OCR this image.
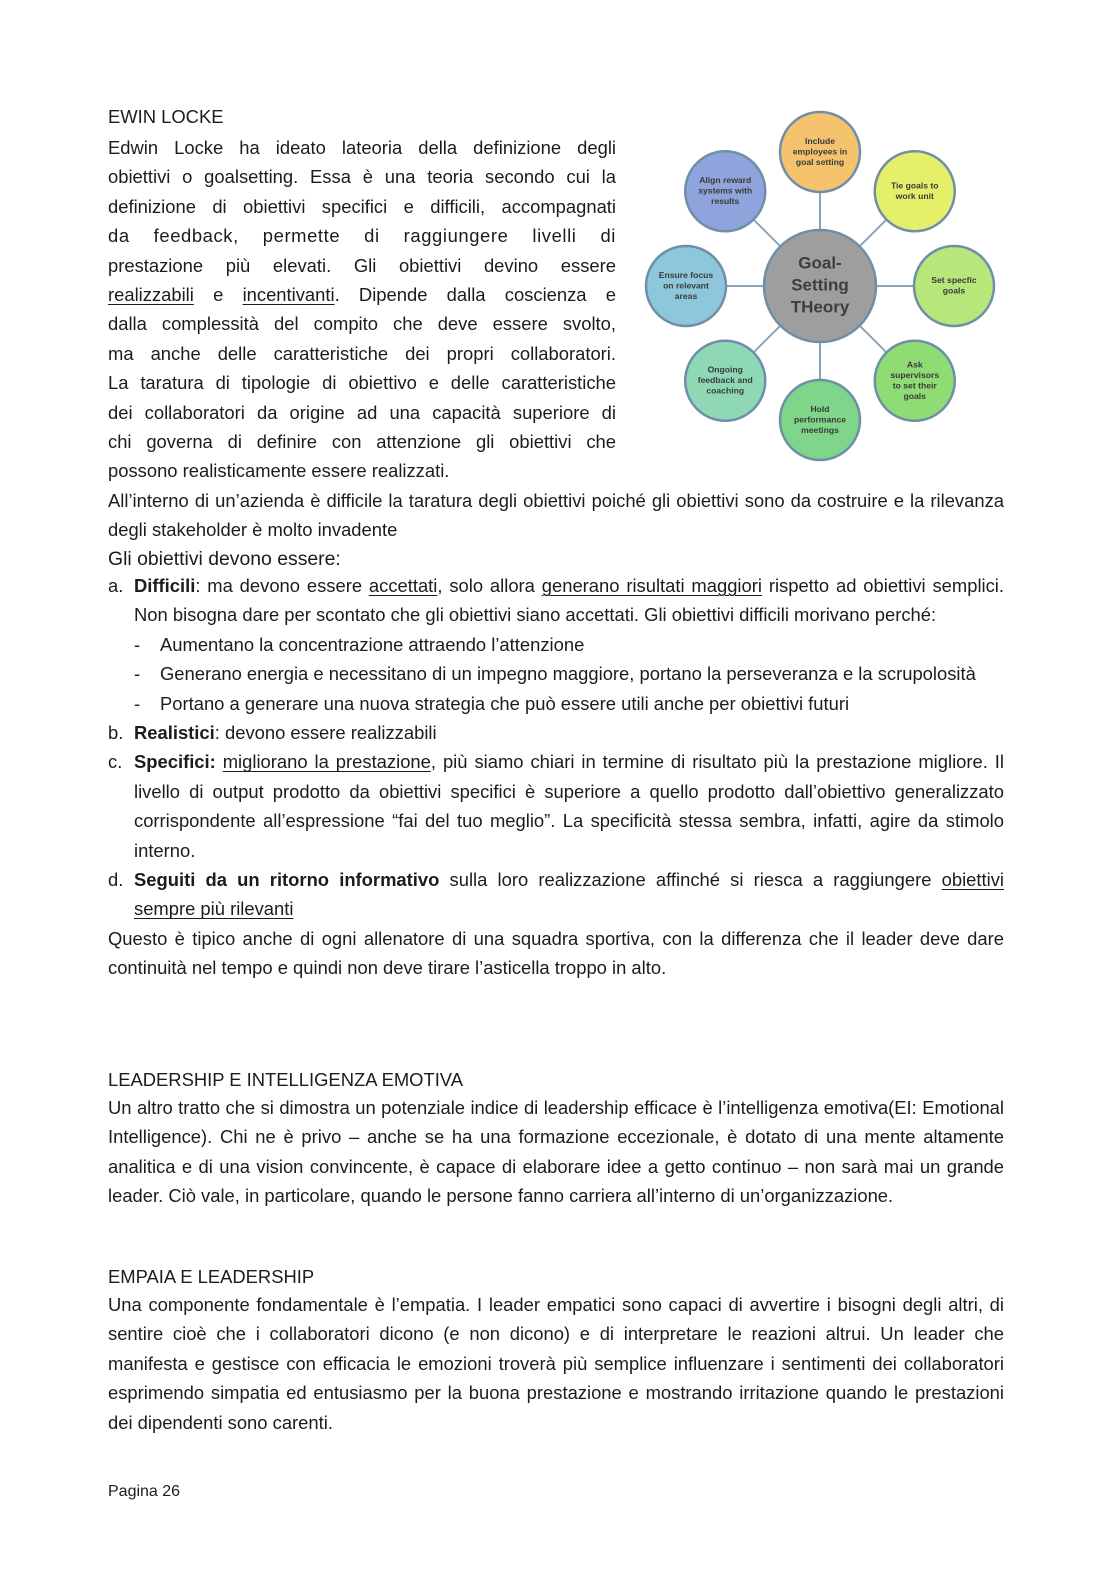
EWIN LOCKE
Edwin Locke ha ideato lateoria della definizione degli
obiettivi o goalsetting. Essa è una teoria secondo cui la
definizione di obiettivi specifici e difficili, accompagnati
da feedback, permette di raggiungere livelli di
prestazione più elevati. Gli obiettivi devino essere
realizzabili e incentivanti. Dipende dalla coscienza e
dalla complessità del compito che deve essere svolto,
ma anche delle caratteristiche dei propri collaboratori.
La taratura di tipologie di obiettivo e delle caratteristiche
dei collaboratori da origine ad una capacità superiore di
chi governa di definire con attenzione gli obiettivi che
possono realisticamente essere realizzati.
Include
employees in
goal setting
Tie goals to
work unit
Set specfic
goals
Ask
supervisors
to set their
goals
Hold
performance
meetings
Ongoing
feedback and
coaching
Ensure focus
on relevant
areas
Align reward
systems with
results
Goal-
Setting
THeory
All’interno di un’azienda è difficile la taratura degli obiettivi poiché gli obiettivi sono da costruire e la rilevanza degli stakeholder è molto invadente
Gli obiettivi devono essere:
a. Difficili: ma devono essere accettati, solo allora generano risultati maggiori rispetto ad obiettivi semplici. Non bisogna dare per scontato che gli obiettivi siano accettati. Gli obiettivi difficili morivano perché:
- Aumentano la concentrazione attraendo l’attenzione
- Generano energia e necessitano di un impegno maggiore, portano la perseveranza e la scrupolosità
- Portano a generare una nuova strategia che può essere utili anche per obiettivi futuri
b. Realistici: devono essere realizzabili
c. Specifici: migliorano la prestazione, più siamo chiari in termine di risultato più la prestazione migliore. Il livello di output prodotto da obiettivi specifici è superiore a quello prodotto dall’obiettivo generalizzato corrispondente all’espressione “fai del tuo meglio”. La specificità stessa sembra, infatti, agire da stimolo interno.
d. Seguiti da un ritorno informativo sulla loro realizzazione affinché si riesca a raggiungere obiettivi sempre più rilevanti
Questo è tipico anche di ogni allenatore di una squadra sportiva, con la differenza che il leader deve dare continuità nel tempo e quindi non deve tirare l’asticella troppo in alto.
LEADERSHIP E INTELLIGENZA EMOTIVA
Un altro tratto che si dimostra un potenziale indice di leadership efficace è l’intelligenza emotiva(EI: Emotional Intelligence). Chi ne è privo – anche se ha una formazione eccezionale, è dotato di una mente altamente analitica e di una vision convincente, è capace di elaborare idee a getto continuo – non sarà mai un grande leader. Ciò vale, in particolare, quando le persone fanno carriera all’interno di un’organizzazione.
EMPAIA E LEADERSHIP
Una componente fondamentale è l’empatia. I leader empatici sono capaci di avvertire i bisogni degli altri, di sentire cioè che i collaboratori dicono (e non dicono) e di interpretare le reazioni altrui. Un leader che manifesta e gestisce con efficacia le emozioni troverà più semplice influenzare i sentimenti dei collaboratori esprimendo simpatia ed entusiasmo per la buona prestazione e mostrando irritazione quando le prestazioni dei dipendenti sono carenti.
Pagina 26
